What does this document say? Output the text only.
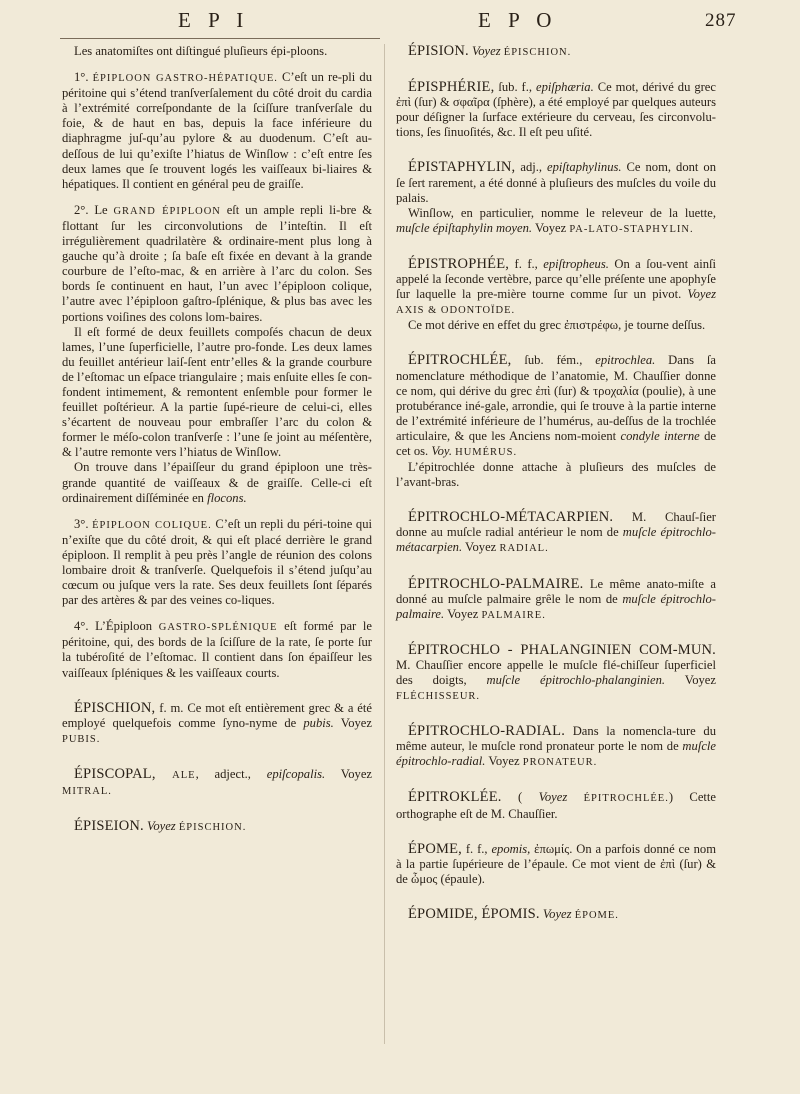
E P I	E P O	287

Les anatomiſtes ont diſtingué pluſieurs épi-ploons.

1°. ÉPIPLOON GASTRO-HÉPATIQUE. C’eſt un re-pli du péritoine qui s’étend tranſverſalement du côté droit du cardia à l’extrémité correſpondante de la ſciſſure tranſverſale du foie, & de haut en bas, depuis la face inférieure du diaphragme juſ-qu’au pylore & au duodenum. C’eſt au-deſſous de lui qu’exiſte l’hiatus de Winſlow : c’eſt entre ſes deux lames que ſe trouvent logés les vaiſſeaux bi-liaires & hépatiques. Il contient en général peu de graiſſe.

2°. Le GRAND ÉPIPLOON eſt un ample repli li-bre & flottant ſur les circonvolutions de l’inteſtin. Il eſt irrégulièrement quadrilatère & ordinaire-ment plus long à gauche qu’à droite ; ſa baſe eſt fixée en devant à la grande courbure de l’eſto-mac, & en arrière à l’arc du colon. Ses bords ſe continuent en haut, l’un avec l’épiploon colique, l’autre avec l’épiploon gaſtro-ſplénique, & plus bas avec les portions voiſines des colons lom-baires.

Il eſt formé de deux feuillets compoſés chacun de deux lames, l’une ſuperficielle, l’autre pro-fonde. Les deux lames du feuillet antérieur laiſ-ſent entr’elles & la grande courbure de l’eſtomac un eſpace triangulaire ; mais enſuite elles ſe con-fondent intimement, & remontent enſemble pour former le feuillet poſtérieur. A la partie ſupé-rieure de celui-ci, elles s’écartent de nouveau pour embraſſer l’arc du colon & former le méſo-colon tranſverſe : l’une ſe joint au méſentère, & l’autre remonte vers l’hiatus de Winſlow.

On trouve dans l’épaiſſeur du grand épiploon une très-grande quantité de vaiſſeaux & de graiſſe. Celle-ci eſt ordinairement diſſéminée en flocons.

3°. ÉPIPLOON COLIQUE. C’eſt un repli du péri-toine qui n’exiſte que du côté droit, & qui eſt placé derrière le grand épiploon. Il remplit à peu près l’angle de réunion des colons lombaire droit & tranſverſe. Quelquefois il s’étend juſqu’au cœcum ou juſque vers la rate. Ses deux feuillets ſont ſéparés par des artères & par des veines co-liques.

4°. L’Épiploon GASTRO-SPLÉNIQUE eſt formé par le péritoine, qui, des bords de la ſciſſure de la rate, ſe porte ſur la tubéroſité de l’eſtomac. Il contient dans ſon épaiſſeur les vaiſſeaux ſpléniques & les vaiſſeaux courts.

ÉPISCHION, f. m. Ce mot eſt entièrement grec & a été employé quelquefois comme ſyno-nyme de pubis. Voyez PUBIS.

ÉPISCOPAL, ALE, adject., epiſcopalis. Voyez MITRAL.

ÉPISEION. Voyez ÉPISCHION.

ÉPISION. Voyez ÉPISCHION.

ÉPISPHÉRIE, ſub. f., epiſphæria. Ce mot, dérivé du grec ἐπὶ (ſur) & σφαῖρα (ſphère), a été employé par quelques auteurs pour déſigner la ſurface extérieure du cerveau, ſes circonvolu-tions, ſes ſinuoſités, &c. Il eſt peu uſité.

ÉPISTAPHYLIN, adj., epiſtaphylinus. Ce nom, dont on ſe ſert rarement, a été donné à pluſieurs des muſcles du voile du palais.

Winſlow, en particulier, nomme le releveur de la luette, muſcle épiſtaphylin moyen. Voyez PA-LATO-STAPHYLIN.

ÉPISTROPHÉE, f. f., epiſtropheus. On a ſou-vent ainſi appelé la ſeconde vertèbre, parce qu’elle préſente une apophyſe ſur laquelle la pre-mière tourne comme ſur un pivot. Voyez AXIS & ODONTOÏDE.

Ce mot dérive en effet du grec ἐπιστρέφω, je tourne deſſus.

ÉPITROCHLÉE, ſub. fém., epitrochlea. Dans ſa nomenclature méthodique de l’anatomie, M. Chauſſier donne ce nom, qui dérive du grec ἐπὶ (ſur) & τροχαλία (poulie), à une protubérance iné-gale, arrondie, qui ſe trouve à la partie interne de l’extrémité inférieure de l’humérus, au-deſſus de la trochlée articulaire, & que les Anciens nom-moient condyle interne de cet os. Voy. HUMÉRUS.

L’épitrochlée donne attache à pluſieurs des muſcles de l’avant-bras.

ÉPITROCHLO-MÉTACARPIEN. M. Chauſ-ſier donne au muſcle radial antérieur le nom de muſcle épitrochlo-métacarpien. Voyez RADIAL.

ÉPITROCHLO-PALMAIRE. Le même anato-miſte a donné au muſcle palmaire grêle le nom de muſcle épitrochlo-palmaire. Voyez PALMAIRE.

ÉPITROCHLO - PHALANGINIEN COM-MUN. M. Chauſſier encore appelle le muſcle flé-chiſſeur ſuperficiel des doigts, muſcle épitrochlo-phalanginien. Voyez FLÉCHISSEUR.

ÉPITROCHLO-RADIAL. Dans la nomencla-ture du même auteur, le muſcle rond pronateur porte le nom de muſcle épitrochlo-radial. Voyez PRONATEUR.

ÉPITROKLÉE. ( Voyez ÉPITROCHLÉE.) Cette orthographe eſt de M. Chauſſier.

ÉPOME, f. f., epomis, ἐπωμίς. On a parfois donné ce nom à la partie ſupérieure de l’épaule. Ce mot vient de ἐπὶ (ſur) & de ὦμος (épaule).

ÉPOMIDE, ÉPOMIS. Voyez ÉPOME.
